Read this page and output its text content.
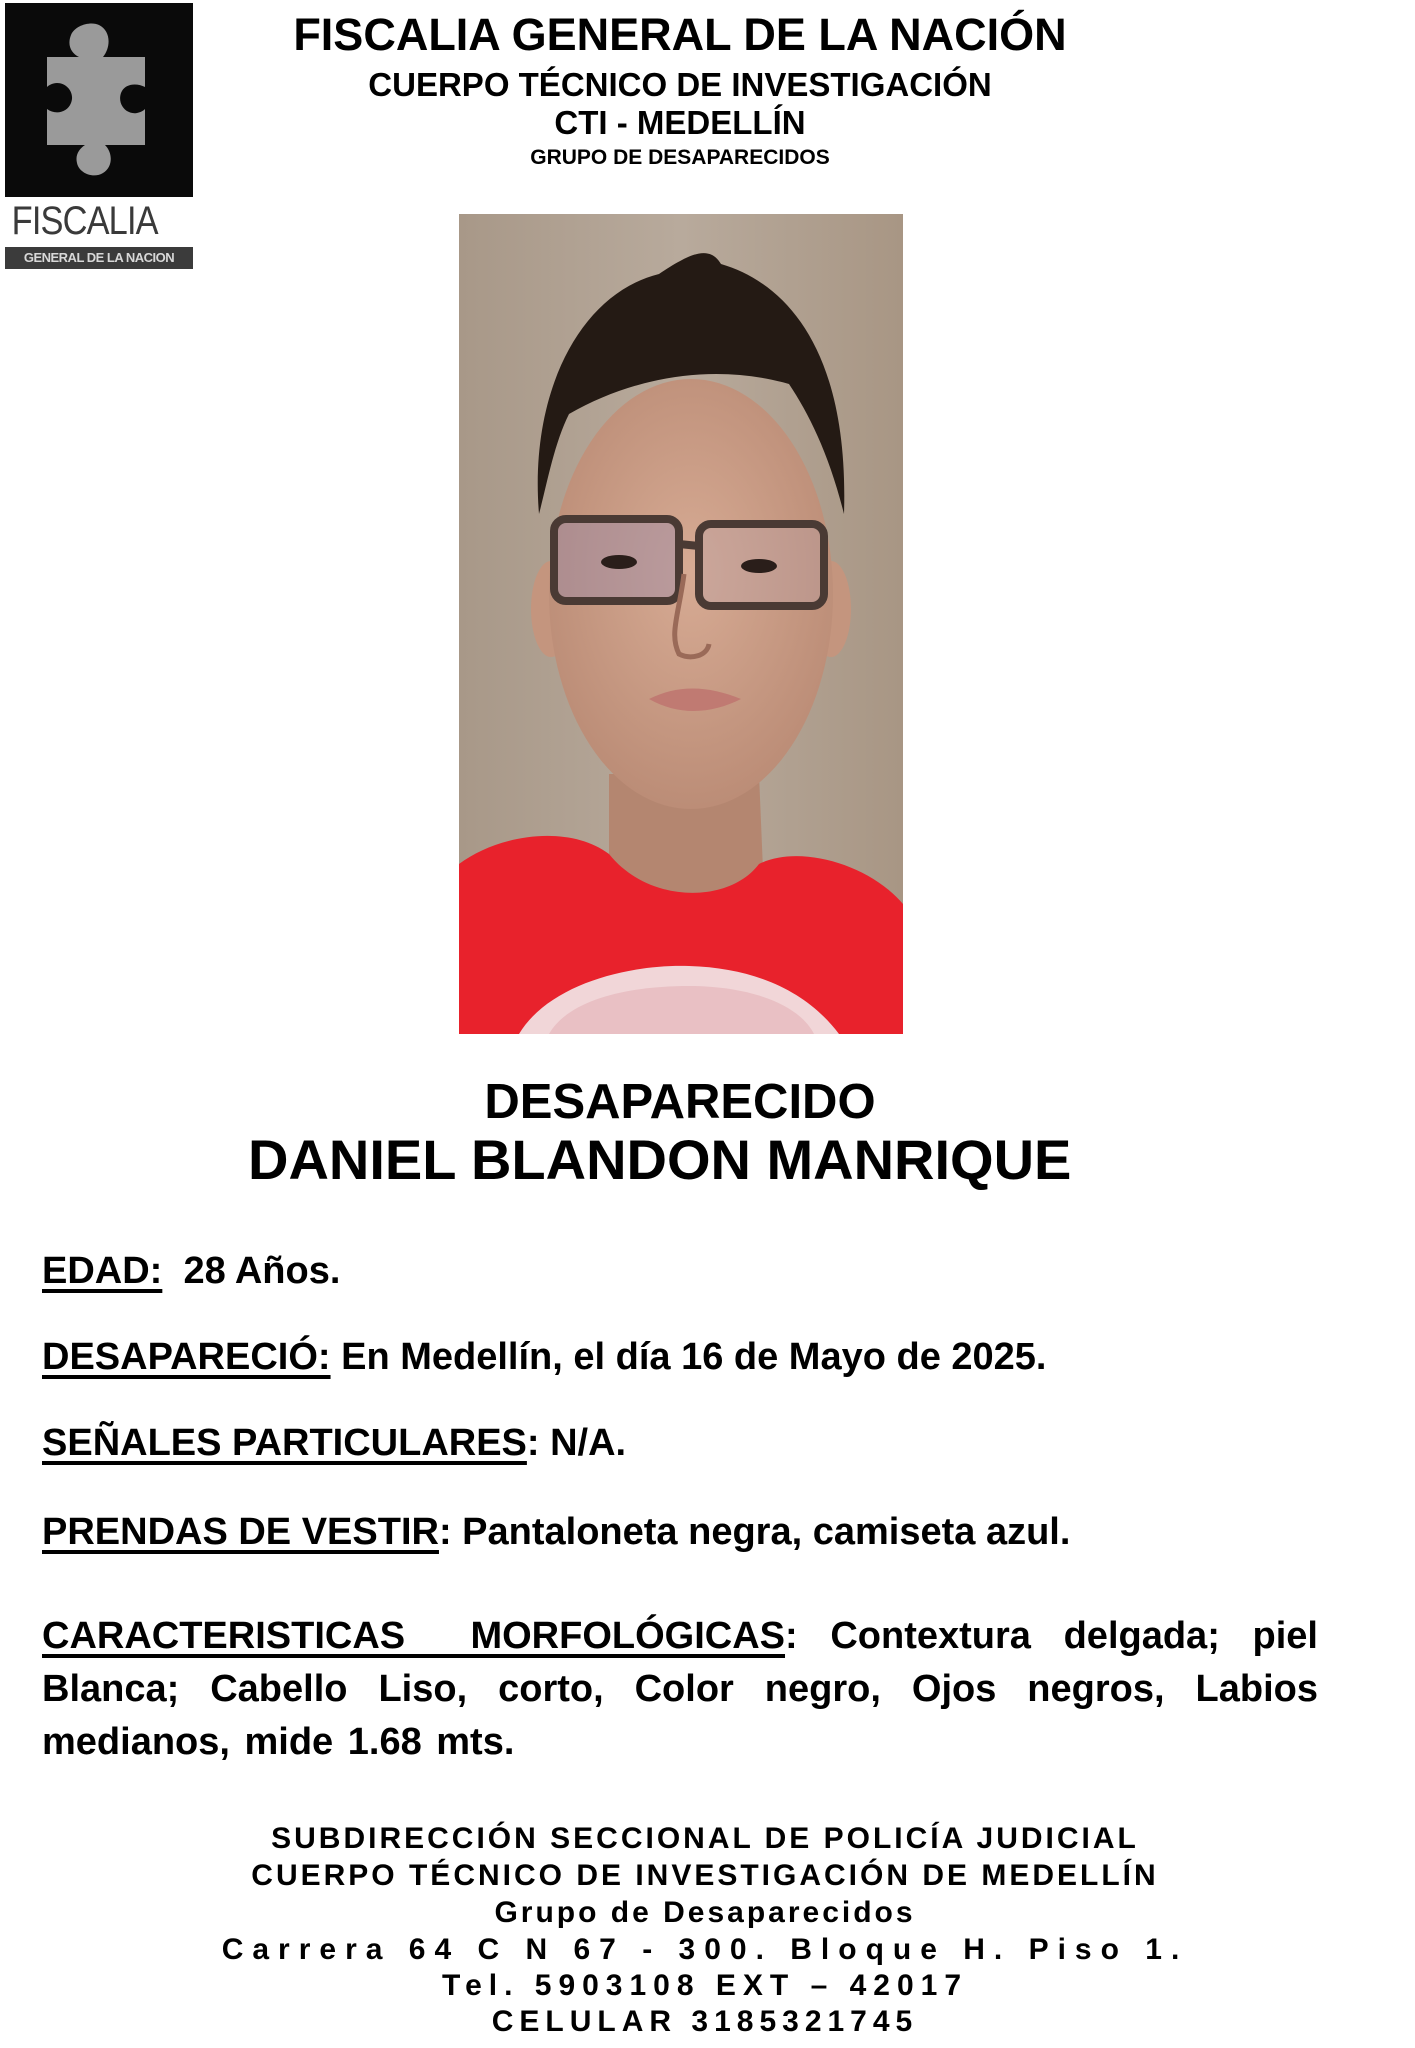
FISCALIA
GENERAL DE LA NACION
FISCALIA GENERAL DE LA NACIÓN
CUERPO TÉCNICO DE INVESTIGACIÓN
CTI - MEDELLÍN
GRUPO DE DESAPARECIDOS
DESAPARECIDO
DANIEL BLANDON MANRIQUE
EDAD:  28 Años.
DESAPARECIÓ: En Medellín, el día 16 de Mayo de 2025.
SEÑALES PARTICULARES: N/A.
PRENDAS DE VESTIR: Pantaloneta negra, camiseta azul.
CARACTERISTICAS  MORFOLÓGICAS: Contextura delgada; piel Blanca; Cabello Liso, corto, Color negro, Ojos negros, Labios medianos, mide 1.68 mts.
SUBDIRECCIÓN SECCIONAL DE POLICÍA JUDICIAL
CUERPO TÉCNICO DE INVESTIGACIÓN DE MEDELLÍN
Grupo de Desaparecidos
Carrera 64 C N 67 - 300. Bloque H. Piso 1.
Tel. 5903108 EXT – 42017
CELULAR 3185321745
